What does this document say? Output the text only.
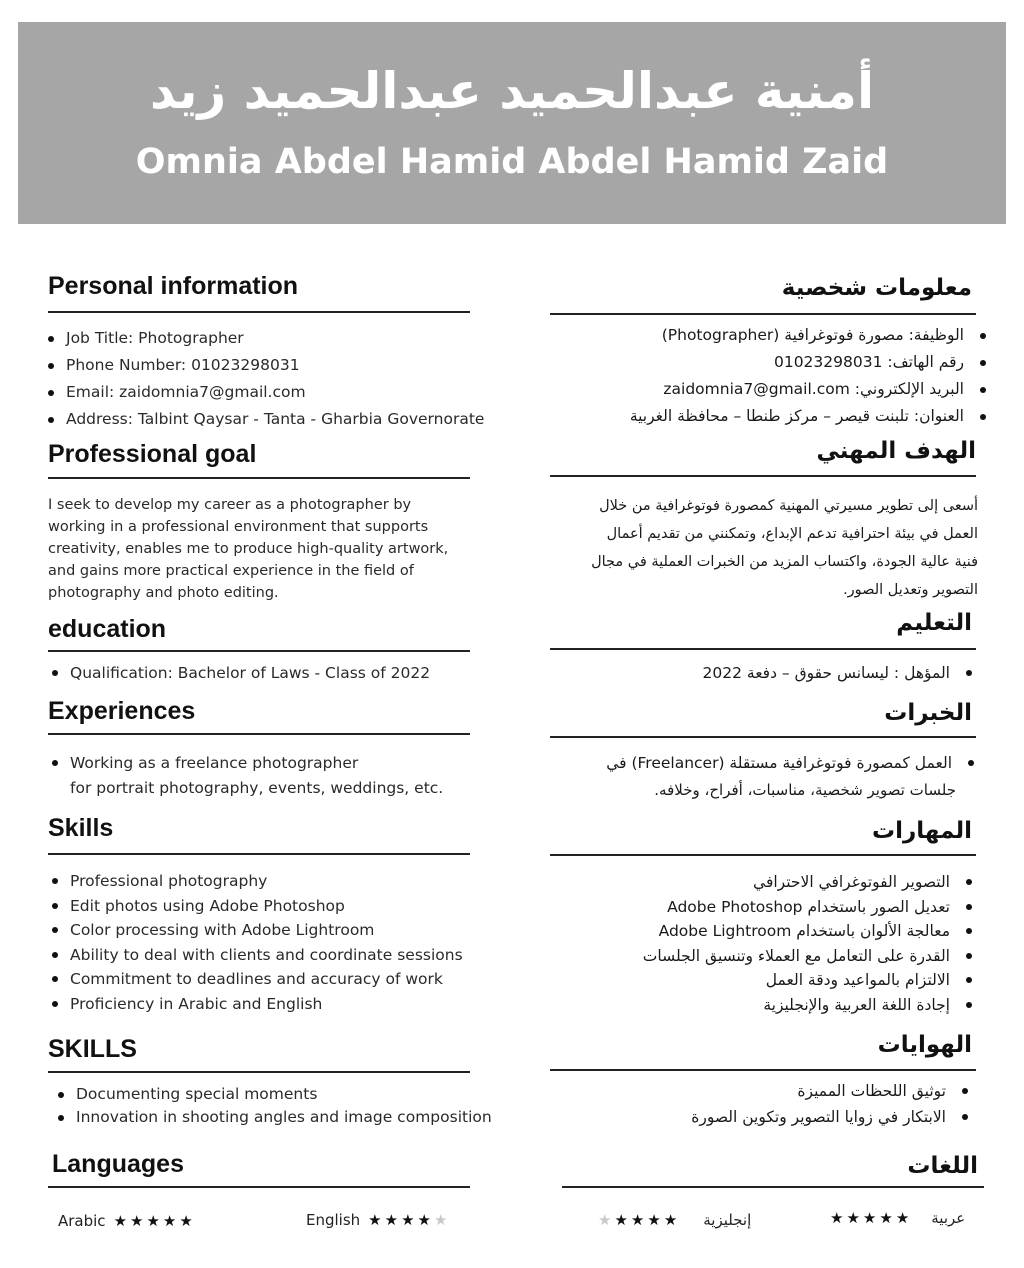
أمنية عبدالحميد عبدالحميد زيد
Omnia Abdel Hamid Abdel Hamid Zaid
Personal information	معلومات شخصية
Job Title: Photographer
Phone Number: 01023298031
Email: zaidomnia7@gmail.com
Address: Talbint Qaysar - Tanta - Gharbia Governorate
الوظيفة: مصورة فوتوغرافية (Photographer)
رقم الهاتف: 01023298031
البريد الإلكتروني: zaidomnia7@gmail.com
العنوان: تلبنت قيصر – مركز طنطا – محافظة الغربية
Professional goal	الهدف المهني
I seek to develop my career as a photographer by
working in a professional environment that supports
creativity, enables me to produce high-quality artwork,
and gains more practical experience in the field of
photography and photo editing.
أسعى إلى تطوير مسيرتي المهنية كمصورة فوتوغرافية من خلال
العمل في بيئة احترافية تدعم الإبداع، وتمكنني من تقديم أعمال
فنية عالية الجودة، واكتساب المزيد من الخبرات العملية في مجال
التصوير وتعديل الصور.
education	التعليم
Qualification: Bachelor of Laws - Class of 2022	المؤهل : ليسانس حقوق – دفعة 2022
Experiences	الخبرات
Working as a freelance photographer
for portrait photography, events, weddings, etc.
العمل كمصورة فوتوغرافية مستقلة (Freelancer) في
جلسات تصوير شخصية، مناسبات، أفراح، وخلافه.
Skills	المهارات
Professional photography
Edit photos using Adobe Photoshop
Color processing with Adobe Lightroom
Ability to deal with clients and coordinate sessions
Commitment to deadlines and accuracy of work
Proficiency in Arabic and English
التصوير الفوتوغرافي الاحترافي
تعديل الصور باستخدام Adobe Photoshop
معالجة الألوان باستخدام Adobe Lightroom
القدرة على التعامل مع العملاء وتنسيق الجلسات
الالتزام بالمواعيد ودقة العمل
إجادة اللغة العربية والإنجليزية
SKILLS	الهوايات
Documenting special moments
Innovation in shooting angles and image composition
توثيق اللحظات المميزة
الابتكار في زوايا التصوير وتكوين الصورة
Languages	اللغات
Arabic ★ ★ ★ ★ ★	English ★ ★ ★ ★ ★	★ ★ ★ ★ ★ إنجليزية	★ ★ ★ ★ ★ عربية
